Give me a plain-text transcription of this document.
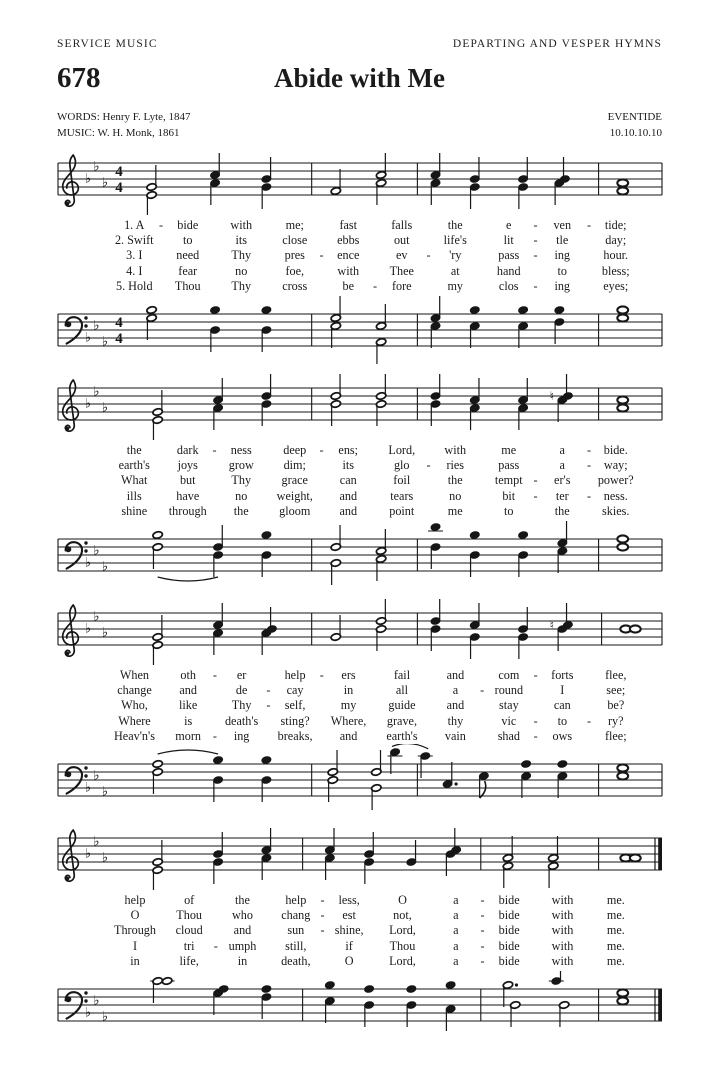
SERVICE MUSIC	DEPARTING AND VESPER HYMNS
678	Abide with Me
WORDS: Henry F. Lyte, 1847
MUSIC: W. H. Monk, 1861
EVENTIDE
10.10.10.10
♭
♭
♭
4
4
1. A	-	bide	with	me;	fast	falls	the	e	-	ven	-	tide;
2. Swift	to	its	close	ebbs	out	life's	lit	-	tle	day;
3. I	need	Thy	pres	-	ence	ev	-	'ry	pass	-	ing	hour.
4. I	fear	no	foe,	with	Thee	at	hand	to	bless;
5. Hold	Thou	Thy	cross	be	-	fore	my	clos	-	ing	eyes;
♭
♭
♭
4
4
♭
♭
♭
♮
the	dark	-	ness	deep	-	ens;	Lord,	with	me	a	-	bide.
earth's	joys	grow	dim;	its	glo	-	ries	pass	a	-	way;
What	but	Thy	grace	can	foil	the	tempt -	er's	power?
ills	have	no	weight,	and	tears	no	bit	-	ter	-	ness.
shine	through	the	gloom	and	point	me	to	the	skies.
♭
♭
♭
♭
♭
♭
♮
When	oth	-	er	help	-	ers	fail	and	com	-	forts	flee,
change	and	de	-	cay	in	all	a	- round	I	see;
Who,	like	Thy	-	self,	my	guide	and	stay	can	be?
Where	is	death's	sting?	Where,	grave,	thy	vic	-	to	-	ry?
Heav'n's	morn -	ing	breaks,	and	earth's	vain	shad	-	ows	flee;
♭
♭
♭
♭
♭
♭
help	of	the	help	-	less,	O	a	-	bide	with	me.
O	Thou	who	chang -	est	not,	a	-	bide	with	me.
Through	cloud	and	sun	- shine,	Lord,	a	-	bide	with	me.
I	tri	- umph	still,	if	Thou	a	-	bide	with	me.
in	life,	in	death,	O	Lord,	a	-	bide	with	me.
♭
♭
♭
